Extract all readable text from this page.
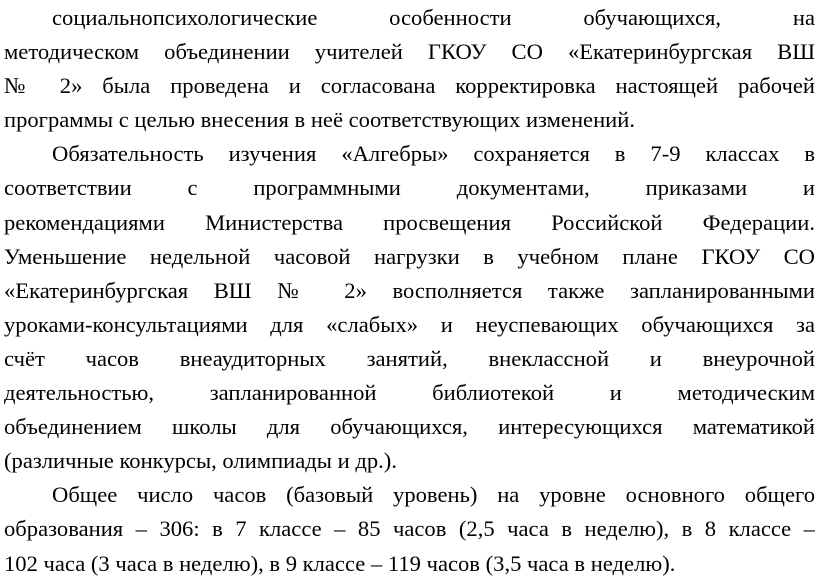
социальнопсихологические особенности обучающихся, на
методическом объединении учителей ГКОУ СО «Екатеринбургская ВШ
№ 2» была проведена и согласована корректировка настоящей рабочей
программы с целью внесения в неё соответствующих изменений.
Обязательность изучения «Алгебры» сохраняется в 7-9 классах в
соответствии с программными документами, приказами и
рекомендациями Министерства просвещения Российской Федерации.
Уменьшение недельной часовой нагрузки в учебном плане ГКОУ СО
«Екатеринбургская ВШ № 2» восполняется также запланированными
уроками-консультациями для «слабых» и неуспевающих обучающихся за
счёт часов внеаудиторных занятий, внеклассной и внеурочной
деятельностью, запланированной библиотекой и методическим
объединением школы для обучающихся, интересующихся математикой
(различные конкурсы, олимпиады и др.).
Общее число часов (базовый уровень) на уровне основного общего
образования – 306: в 7 классе – 85 часов (2,5 часа в неделю), в 8 классе –
102 часа (3 часа в неделю), в 9 классе – 119 часов (3,5 часа в неделю).
